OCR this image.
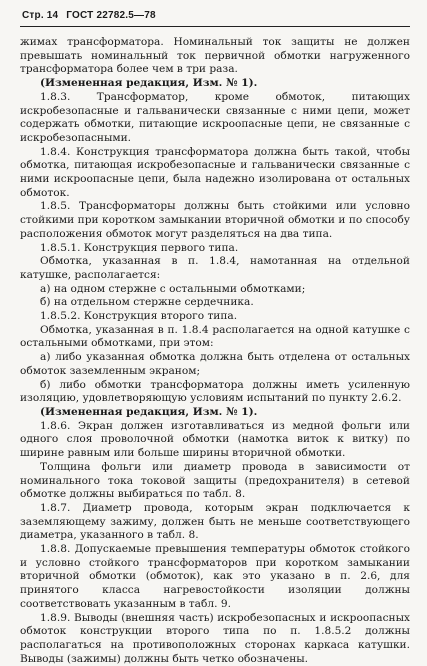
Стр. 14 ГОСТ 22782.5—78

жимах трансформатора. Номинальный ток защиты не должен превышать номинальный ток первичной обмотки нагруженного трансформатора более чем в три раза.

(Измененная редакция, Изм. № 1).

1.8.3. Трансформатор, кроме обмоток, питающих искробезопасные и гальванически связанные с ними цепи, может содержать обмотки, питающие искроопасные цепи, не связанные с искробезопасными.

1.8.4. Конструкция трансформатора должна быть такой, чтобы обмотка, питающая искробезопасные и гальванически связанные с ними искроопасные цепи, была надежно изолирована от остальных обмоток.

1.8.5. Трансформаторы должны быть стойкими или условно стойкими при коротком замыкании вторичной обмотки и по способу расположения обмоток могут разделяться на два типа.

1.8.5.1. Конструкция первого типа.

Обмотка, указанная в п. 1.8.4, намотанная на отдельной катушке, располагается:

а) на одном стержне с остальными обмотками;

б) на отдельном стержне сердечника.

1.8.5.2. Конструкция второго типа.

Обмотка, указанная в п. 1.8.4 располагается на одной катушке с остальными обмотками, при этом:

а) либо указанная обмотка должна быть отделена от остальных обмоток заземленным экраном;

б) либо обмотки трансформатора должны иметь усиленную изоляцию, удовлетворяющую условиям испытаний по пункту 2.6.2.

(Измененная редакция, Изм. № 1).

1.8.6. Экран должен изготавливаться из медной фольги или одного слоя проволочной обмотки (намотка виток к витку) по ширине равным или больше ширины вторичной обмотки.

Толщина фольги или диаметр провода в зависимости от номинального тока токовой защиты (предохранителя) в сетевой обмотке должны выбираться по табл. 8.

1.8.7. Диаметр провода, которым экран подключается к заземляющему зажиму, должен быть не меньше соответствующего диаметра, указанного в табл. 8.

1.8.8. Допускаемые превышения температуры обмоток стойкого и условно стойкого трансформаторов при коротком замыкании вторичной обмотки (обмоток), как это указано в п. 2.6, для принятого класса нагревостойкости изоляции должны соответствовать указанным в табл. 9.

1.8.9. Выводы (внешняя часть) искробезопасных и искроопасных обмоток конструкции второго типа по п. 1.8.5.2 должны располагаться на противоположных сторонах каркаса катушки. Выводы (зажимы) должны быть четко обозначены.
